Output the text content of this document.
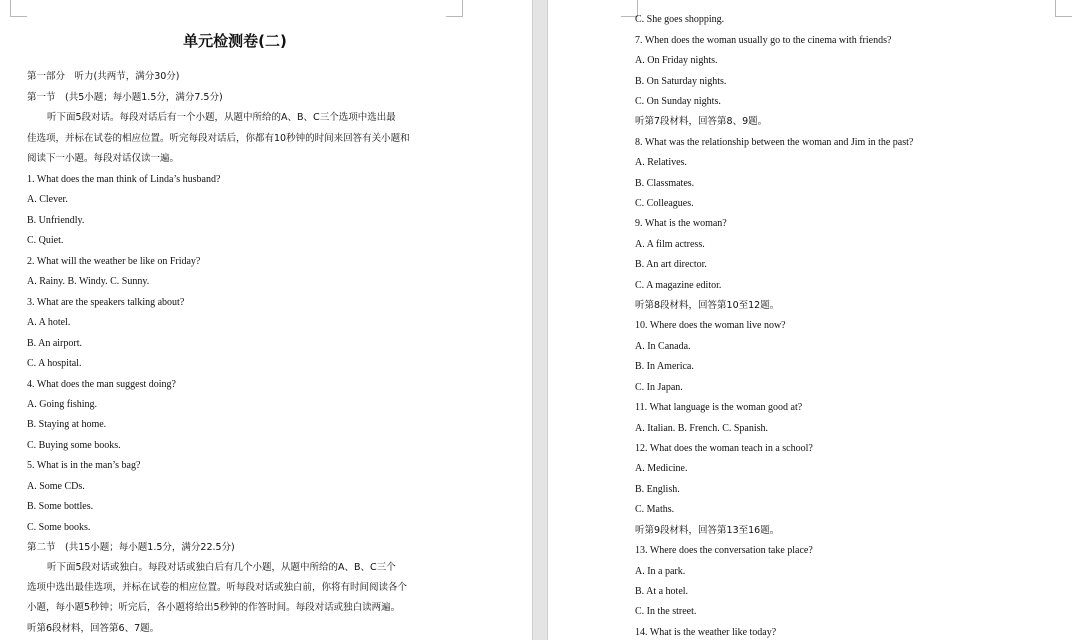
单元检测卷(二)
第一部分　听力(共两节，满分30分)
第一节　(共5小题；每小题1.5分，满分7.5分)
听下面5段对话。每段对话后有一个小题，从题中所给的A、B、C三个选项中选出最
佳选项，并标在试卷的相应位置。听完每段对话后，你都有10秒钟的时间来回答有关小题和
阅读下一小题。每段对话仅读一遍。
1. What does the man think of Linda’s husband?
A. Clever.
B. Unfriendly.
C. Quiet.
2. What will the weather be like on Friday?
A. Rainy. B. Windy. C. Sunny.
3. What are the speakers talking about?
A. A hotel.
B. An airport.
C. A hospital.
4. What does the man suggest doing?
A. Going fishing.
B. Staying at home.
C. Buying some books.
5. What is in the man’s bag?
A. Some CDs.
B. Some bottles.
C. Some books.
第二节　(共15小题；每小题1.5分，满分22.5分)
听下面5段对话或独白。每段对话或独白后有几个小题，从题中所给的A、B、C三个
选项中选出最佳选项，并标在试卷的相应位置。听每段对话或独白前，你将有时间阅读各个
小题，每小题5秒钟；听完后，各小题将给出5秒钟的作答时间。每段对话或独白读两遍。
听第6段材料，回答第6、7题。
C. She goes shopping.
7. When does the woman usually go to the cinema with friends?
A. On Friday nights.
B. On Saturday nights.
C. On Sunday nights.
听第7段材料，回答第8、9题。
8. What was the relationship between the woman and Jim in the past?
A. Relatives.
B. Classmates.
C. Colleagues.
9. What is the woman?
A. A film actress.
B. An art director.
C. A magazine editor.
听第8段材料，回答第10至12题。
10. Where does the woman live now?
A. In Canada.
B. In America.
C. In Japan.
11. What language is the woman good at?
A. Italian. B. French. C. Spanish.
12. What does the woman teach in a school?
A. Medicine.
B. English.
C. Maths.
听第9段材料，回答第13至16题。
13. Where does the conversation take place?
A. In a park.
B. At a hotel.
C. In the street.
14. What is the weather like today?
